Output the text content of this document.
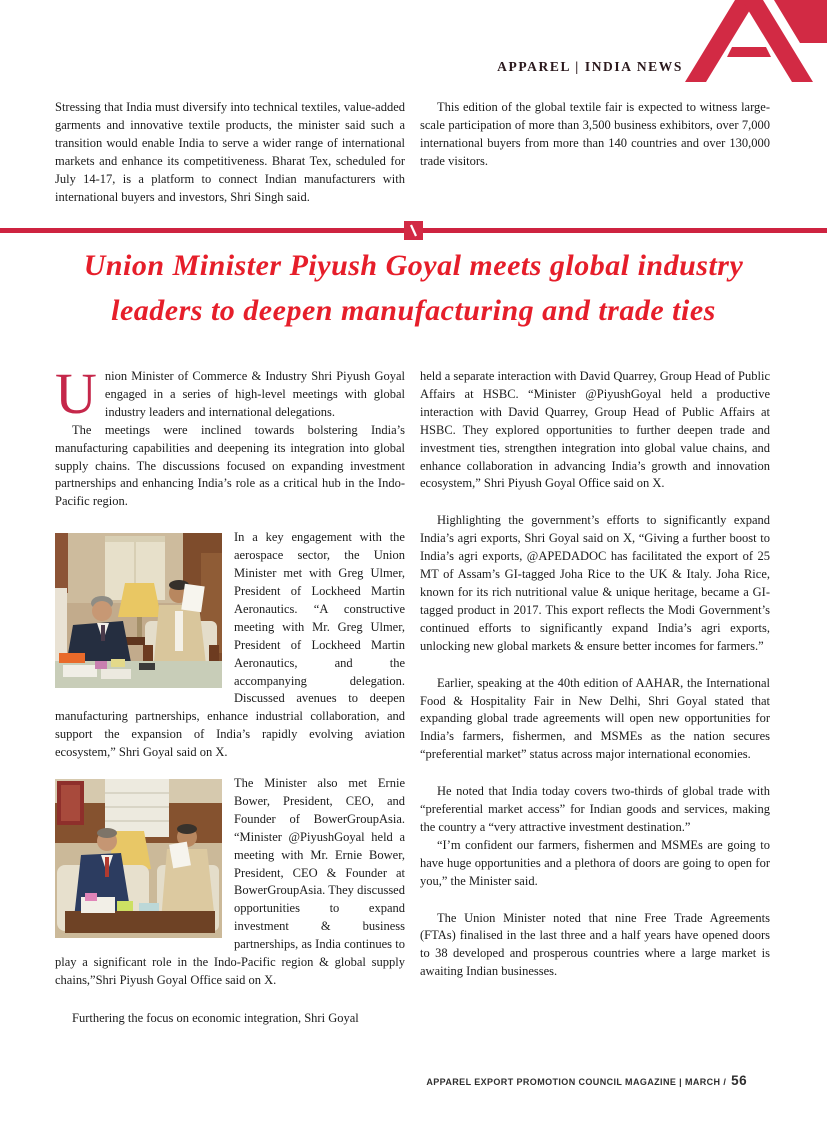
APPAREL | INDIA NEWS

Stressing that India must diversify into technical textiles, value-added garments and innovative textile products, the minister said such a transition would enable India to serve a wider range of international markets and enhance its competitiveness. Bharat Tex, scheduled for July 14-17, is a platform to connect Indian manufacturers with international buyers and investors, Shri Singh said.

This edition of the global textile fair is expected to witness large-scale participation of more than 3,500 business exhibitors, over 7,000 international buyers from more than 140 countries and over 130,000 trade visitors.

Union Minister Piyush Goyal meets global industry
leaders to deepen manufacturing and trade ties

Union Minister of Commerce & Industry Shri Piyush Goyal engaged in a series of high-level meetings with global industry leaders and international delegations.

The meetings were inclined towards bolstering India’s manufacturing capabilities and deepening its integration into global supply chains. The discussions focused on expanding investment partnerships and enhancing India’s role as a critical hub in the Indo-Pacific region.

In a key engagement with the aerospace sector, the Union Minister met with Greg Ulmer, President of Lockheed Martin Aeronautics. “A constructive meeting with Mr. Greg Ulmer, President of Lockheed Martin Aeronautics, and the accompanying delegation. Discussed avenues to deepen manufacturing partnerships, enhance industrial collaboration, and support the expansion of India’s rapidly evolving aviation ecosystem,” Shri Goyal said on X.

The Minister also met Ernie Bower, President, CEO, and Founder of BowerGroupAsia. “Minister @PiyushGoyal held a meeting with Mr. Ernie Bower, President, CEO & Founder at BowerGroupAsia. They discussed opportunities to expand investment & business partnerships, as India continues to play a significant role in the Indo-Pacific region & global supply chains,”Shri Piyush Goyal Office said on X.

Furthering the focus on economic integration, Shri Goyal

held a separate interaction with David Quarrey, Group Head of Public Affairs at HSBC. “Minister @PiyushGoyal held a productive interaction with David Quarrey, Group Head of Public Affairs at HSBC. They explored opportunities to further deepen trade and investment ties, strengthen integration into global value chains, and enhance collaboration in advancing India’s growth and innovation ecosystem,” Shri Piyush Goyal Office said on X.

Highlighting the government’s efforts to significantly expand India’s agri exports, Shri Goyal said on X, “Giving a further boost to India’s agri exports, @APEDADOC has facilitated the export of 25 MT of Assam’s GI-tagged Joha Rice to the UK & Italy. Joha Rice, known for its rich nutritional value & unique heritage, became a GI-tagged product in 2017. This export reflects the Modi Government’s continued efforts to significantly expand India’s agri exports, unlocking new global markets & ensure better incomes for farmers.”

Earlier, speaking at the 40th edition of AAHAR, the International Food & Hospitality Fair in New Delhi, Shri Goyal stated that expanding global trade agreements will open new opportunities for India’s farmers, fishermen, and MSMEs as the nation secures “preferential market” status across major international economies.

He noted that India today covers two-thirds of global trade with “preferential market access” for Indian goods and services, making the country a “very attractive investment destination.”

“I’m confident our farmers, fishermen and MSMEs are going to have huge opportunities and a plethora of doors are going to open for you,” the Minister said.

The Union Minister noted that nine Free Trade Agreements (FTAs) finalised in the last three and a half years have opened doors to 38 developed and prosperous countries where a large market is awaiting Indian businesses.

APPAREL EXPORT PROMOTION COUNCIL MAGAZINE | MARCH / 56
